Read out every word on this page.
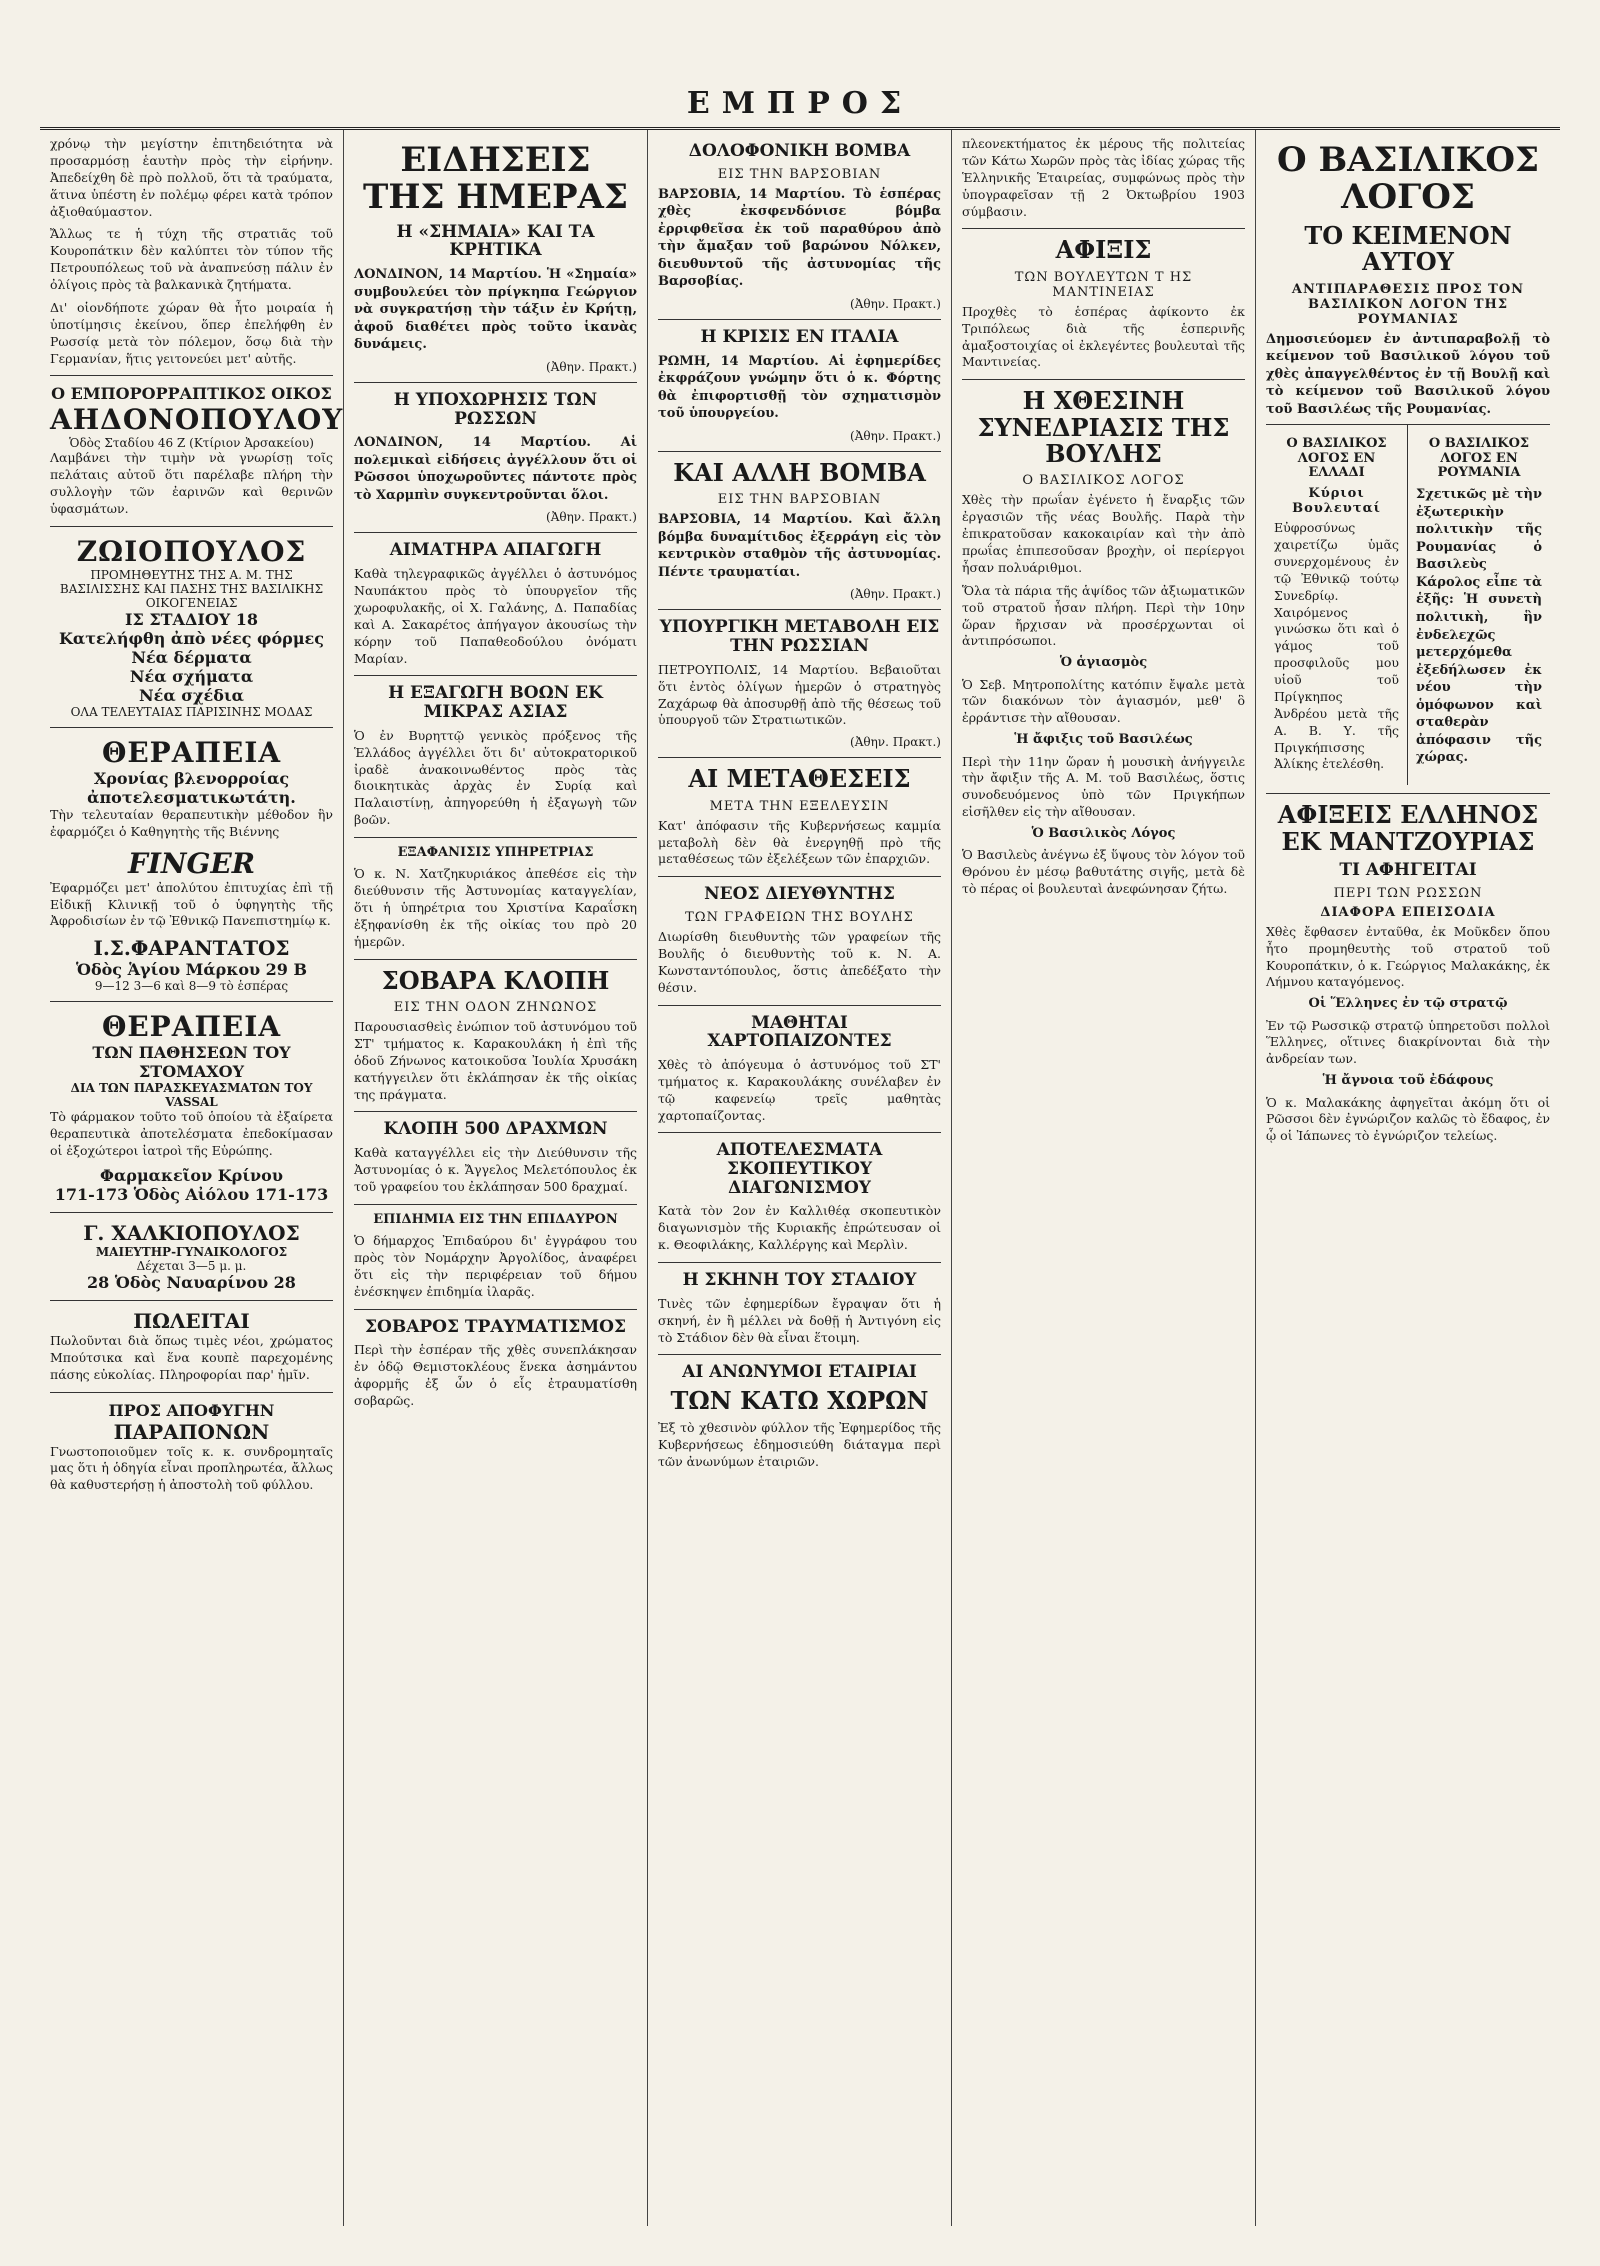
ΕΜΠΡΟΣ

χρόνῳ τὴν μεγίστην ἐπιτηδειότητα νὰ προσαρμόσῃ ἑαυτὴν πρὸς τὴν εἰρήνην. Ἀπεδείχθη δὲ πρὸ πολλοῦ, ὅτι τὰ τραύματα, ἅτινα ὑπέστη ἐν πολέμῳ φέρει κατὰ τρόπον ἀξιοθαύμαστον.

Ἄλλως τε ἡ τύχη τῆς στρατιᾶς τοῦ Κουροπάτκιν δὲν καλύπτει τὸν τύπον τῆς Πετρουπόλεως τοῦ νὰ ἀναπνεύσῃ πάλιν ἐν ὀλίγοις πρὸς τὰ βαλκανικὰ ζητήματα.

Δι' οἱονδήποτε χώραν θὰ ἦτο μοιραία ἡ ὑποτίμησις ἐκείνου, ὅπερ ἐπελήφθη ἐν Ρωσσίᾳ μετὰ τὸν πόλεμον, ὅσῳ διὰ τὴν Γερμανίαν, ἥτις γειτονεύει μετ' αὐτῆς.

Ο ΕΜΠΟΡΟΡΡΑΠΤΙΚΟΣ ΟΙΚΟΣ
ΑΗΔΟΝΟΠΟΥΛΟΥ
Ὁδὸς Σταδίου 46 Ζ (Κτίριον Ἀρσακείου)

Λαμβάνει τὴν τιμὴν νὰ γνωρίσῃ τοῖς πελάταις αὐτοῦ ὅτι παρέλαβε πλήρη τὴν συλλογὴν τῶν ἐαρινῶν καὶ θερινῶν ὑφασμάτων.

ΖΩΙΟΠΟΥΛΟΣ
ΠΡΟΜΗΘΕΥΤΗΣ ΤΗΣ Α. Μ. ΤΗΣ ΒΑΣΙΛΙΣΣΗΣ ΚΑΙ ΠΑΣΗΣ ΤΗΣ ΒΑΣΙΛΙΚΗΣ ΟΙΚΟΓΕΝΕΙΑΣ
ΙΣ ΣΤΑΔΙΟΥ 18
Κατελήφθη ἀπὸ νέες φόρμες
Νέα δέρματα
Νέα σχήματα
Νέα σχέδια
ΟΛΑ ΤΕΛΕΥΤΑΙΑΣ ΠΑΡΙΣΙΝΗΣ ΜΟΔΑΣ
ΘΕΡΑΠΕΙΑ
Χρονίας βλενορροίας ἀποτελεσματικωτάτη.

Τὴν τελευταίαν θεραπευτικὴν μέθοδον ἣν ἐφαρμόζει ὁ Καθηγητὴς τῆς Βιέννης

FINGER

Ἐφαρμόζει μετ' ἀπολύτου ἐπιτυχίας ἐπὶ τῇ Εἰδικῇ Κλινικῇ τοῦ ὁ ὑφηγητὴς τῆς Ἀφροδισίων ἐν τῷ Ἐθνικῷ Πανεπιστημίῳ κ.

Ι.Σ.ΦΑΡΑΝΤΑΤΟΣ
Ὁδὸς Ἁγίου Μάρκου 29 Β
9—12 3—6 καὶ 8—9 τὸ ἑσπέρας
ΘΕΡΑΠΕΙΑ
ΤΩΝ ΠΑΘΗΣΕΩΝ ΤΟΥ ΣΤΟΜΑΧΟΥ
ΔΙΑ ΤΩΝ ΠΑΡΑΣΚΕΥΑΣΜΑΤΩΝ ΤΟΥ VASSAL

Τὸ φάρμακον τοῦτο τοῦ ὁποίου τὰ ἐξαίρετα θεραπευτικὰ ἀποτελέσματα ἐπεδοκίμασαν οἱ ἐξοχώτεροι ἰατροὶ τῆς Εὐρώπης.

Φαρμακεῖον Κρίνου
171-173 Ὁδὸς Αἰόλου 171-173
Γ. ΧΑΛΚΙΟΠΟΥΛΟΣ
ΜΑΙΕΥΤΗΡ-ΓΥΝΑΙΚΟΛΟΓΟΣ
Δέχεται 3—5 μ. μ.
28 Ὁδὸς Ναυαρίνου 28
ΠΩΛΕΙΤΑΙ

Πωλοῦνται διὰ ὅπως τιμὲς νέοι, χρώματος Μπούτσικα καὶ ἕνα κουπὲ παρεχομένης πάσης εὐκολίας. Πληροφορίαι παρ' ἡμῖν.

ΠΡΟΣ ΑΠΟΦΥΓΗΝ
ΠΑΡΑΠΟΝΩΝ

Γνωστοποιοῦμεν τοῖς κ. κ. συνδρομηταῖς μας ὅτι ἡ ὁδηγία εἶναι προπληρωτέα, ἄλλως θὰ καθυστερήσῃ ἡ ἀποστολὴ τοῦ φύλλου.

ΕΙΔΗΣΕΙΣ ΤΗΣ ΗΜΕΡΑΣ
Η «ΣΗΜΑΙΑ» ΚΑΙ ΤΑ ΚΡΗΤΙΚΑ

ΛΟΝΔΙΝΟΝ, 14 Μαρτίου. Ἡ «Σημαία» συμβουλεύει τὸν πρίγκηπα Γεώργιον νὰ συγκρατήσῃ τὴν τάξιν ἐν Κρήτῃ, ἀφοῦ διαθέτει πρὸς τοῦτο ἱκανὰς δυνάμεις.

(Ἀθην. Πρακτ.)
Η ΥΠΟΧΩΡΗΣΙΣ ΤΩΝ ΡΩΣΣΩΝ

ΛΟΝΔΙΝΟΝ, 14 Μαρτίου. Αἱ πολεμικαὶ εἰδήσεις ἀγγέλλουν ὅτι οἱ Ρῶσσοι ὑποχωροῦντες πάντοτε πρὸς τὸ Χαρμπὶν συγκεντροῦνται ὅλοι.

(Ἀθην. Πρακτ.)
ΑΙΜΑΤΗΡΑ ΑΠΑΓΩΓΗ

Καθὰ τηλεγραφικῶς ἀγγέλλει ὁ ἀστυνόμος Ναυπάκτου πρὸς τὸ ὑπουργεῖον τῆς χωροφυλακῆς, οἱ Χ. Γαλάνης, Δ. Παπαδίας καὶ Α. Σακαρέτος ἀπήγαγον ἀκουσίως τὴν κόρην τοῦ Παπαθεοδούλου ὀνόματι Μαρίαν.

Η ΕΞΑΓΩΓΗ ΒΟΩΝ ΕΚ ΜΙΚΡΑΣ ΑΣΙΑΣ

Ὁ ἐν Βυρηττῷ γενικὸς πρόξενος τῆς Ἑλλάδος ἀγγέλλει ὅτι δι' αὐτοκρατορικοῦ ἰραδὲ ἀνακοινωθέντος πρὸς τὰς διοικητικὰς ἀρχὰς ἐν Συρίᾳ καὶ Παλαιστίνῃ, ἀπηγορεύθη ἡ ἐξαγωγὴ τῶν βοῶν.

ΕΞΑΦΑΝΙΣΙΣ ΥΠΗΡΕΤΡΙΑΣ

Ὁ κ. Ν. Χατζηκυριάκος ἀπεθέσε εἰς τὴν διεύθυνσιν τῆς Ἀστυνομίας καταγγελίαν, ὅτι ἡ ὑπηρέτρια του Χριστίνα Καραΐσκη ἐξηφανίσθη ἐκ τῆς οἰκίας του πρὸ 20 ἡμερῶν.

ΣΟΒΑΡΑ ΚΛΟΠΗ
ΕΙΣ ΤΗΝ ΟΔΟΝ ΖΗΝΩΝΟΣ

Παρουσιασθεὶς ἐνώπιον τοῦ ἀστυνόμου τοῦ ΣΤ' τμήματος κ. Καρακουλάκη ἡ ἐπὶ τῆς ὁδοῦ Ζήνωνος κατοικοῦσα Ἰουλία Χρυσάκη κατήγγειλεν ὅτι ἐκλάπησαν ἐκ τῆς οἰκίας της πράγματα.

ΚΛΟΠΗ 500 ΔΡΑΧΜΩΝ

Καθὰ καταγγέλλει εἰς τὴν Διεύθυνσιν τῆς Ἀστυνομίας ὁ κ. Ἄγγελος Μελετόπουλος ἐκ τοῦ γραφείου του ἐκλάπησαν 500 δραχμαί.

ΕΠΙΔΗΜΙΑ ΕΙΣ ΤΗΝ ΕΠΙΔΑΥΡΟΝ

Ὁ δήμαρχος Ἐπιδαύρου δι' ἐγγράφου του πρὸς τὸν Νομάρχην Ἀργολίδος, ἀναφέρει ὅτι εἰς τὴν περιφέρειαν τοῦ δήμου ἐνέσκηψεν ἐπιδημία ἰλαρᾶς.

ΣΟΒΑΡΟΣ ΤΡΑΥΜΑΤΙΣΜΟΣ

Περὶ τὴν ἑσπέραν τῆς χθὲς συνεπλάκησαν ἐν ὁδῷ Θεμιστοκλέους ἕνεκα ἀσημάντου ἀφορμῆς ἐξ ὧν ὁ εἷς ἐτραυματίσθη σοβαρῶς.

ΔΟΛΟΦΟΝΙΚΗ ΒΟΜΒΑ
ΕΙΣ ΤΗΝ ΒΑΡΣΟΒΙΑΝ

ΒΑΡΣΟΒΙΑ, 14 Μαρτίου. Τὸ ἑσπέρας χθὲς ἐκσφενδόνισε βόμβα ἐρριφθεῖσα ἐκ τοῦ παραθύρου ἀπὸ τὴν ἄμαξαν τοῦ βαρώνου Νόλκεν, διευθυντοῦ τῆς ἀστυνομίας τῆς Βαρσοβίας.

(Ἀθην. Πρακτ.)
Η ΚΡΙΣΙΣ ΕΝ ΙΤΑΛΙΑ

ΡΩΜΗ, 14 Μαρτίου. Αἱ ἐφημερίδες ἐκφράζουν γνώμην ὅτι ὁ κ. Φόρτης θὰ ἐπιφορτισθῇ τὸν σχηματισμὸν τοῦ ὑπουργείου.

(Ἀθην. Πρακτ.)
ΚΑΙ ΑΛΛΗ ΒΟΜΒΑ
ΕΙΣ ΤΗΝ ΒΑΡΣΟΒΙΑΝ

ΒΑΡΣΟΒΙΑ, 14 Μαρτίου. Καὶ ἄλλη βόμβα δυναμίτιδος ἐξερράγη εἰς τὸν κεντρικὸν σταθμὸν τῆς ἀστυνομίας. Πέντε τραυματίαι.

(Ἀθην. Πρακτ.)
ΥΠΟΥΡΓΙΚΗ ΜΕΤΑΒΟΛΗ ΕΙΣ ΤΗΝ ΡΩΣΣΙΑΝ

ΠΕΤΡΟΥΠΟΛΙΣ, 14 Μαρτίου. Βεβαιοῦται ὅτι ἐντὸς ὀλίγων ἡμερῶν ὁ στρατηγὸς Ζαχάρωφ θὰ ἀποσυρθῇ ἀπὸ τῆς θέσεως τοῦ ὑπουργοῦ τῶν Στρατιωτικῶν.

(Ἀθην. Πρακτ.)
ΑΙ ΜΕΤΑΘΕΣΕΙΣ
ΜΕΤΑ ΤΗΝ ΕΞΕΛΕΥΣΙΝ

Κατ' ἀπόφασιν τῆς Κυβερνήσεως καμμία μεταβολὴ δὲν θὰ ἐνεργηθῇ πρὸ τῆς μεταθέσεως τῶν ἐξελέξεων τῶν ἐπαρχιῶν.

ΝΕΟΣ ΔΙΕΥΘΥΝΤΗΣ
ΤΩΝ ΓΡΑΦΕΙΩΝ ΤΗΣ ΒΟΥΛΗΣ

Διωρίσθη διευθυντὴς τῶν γραφείων τῆς Βουλῆς ὁ διευθυντὴς τοῦ κ. Ν. Α. Κωνσταντόπουλος, ὅστις ἀπεδέξατο τὴν θέσιν.

ΜΑΘΗΤΑΙ ΧΑΡΤΟΠΑΙΖΟΝΤΕΣ

Χθὲς τὸ ἀπόγευμα ὁ ἀστυνόμος τοῦ ΣΤ' τμήματος κ. Καρακουλάκης συνέλαβεν ἐν τῷ καφενείῳ τρεῖς μαθητὰς χαρτοπαίζοντας.

ΑΠΟΤΕΛΕΣΜΑΤΑ ΣΚΟΠΕΥΤΙΚΟΥ ΔΙΑΓΩΝΙΣΜΟΥ

Κατὰ τὸν 2ον ἐν Καλλιθέᾳ σκοπευτικὸν διαγωνισμὸν τῆς Κυριακῆς ἐπρώτευσαν οἱ κ. Θεοφιλάκης, Καλλέργης καὶ Μερλὶν.

Η ΣΚΗΝΗ ΤΟΥ ΣΤΑΔΙΟΥ

Τινὲς τῶν ἐφημερίδων ἔγραψαν ὅτι ἡ σκηνή, ἐν ἢ μέλλει νὰ δοθῇ ἡ Ἀντιγόνη εἰς τὸ Στάδιον δὲν θὰ εἶναι ἕτοιμη.

ΑΙ ΑΝΩΝΥΜΟΙ ΕΤΑΙΡΙΑΙ
ΤΩΝ ΚΑΤΩ ΧΩΡΩΝ

Ἐξ τὸ χθεσινὸν φύλλον τῆς Ἐφημερίδος τῆς Κυβερνήσεως ἐδημοσιεύθη διάταγμα περὶ τῶν ἀνωνύμων ἑταιριῶν.

πλεονεκτήματος ἐκ μέρους τῆς πολιτείας τῶν Κάτω Χωρῶν πρὸς τὰς ἰδίας χώρας τῆς Ἑλληνικῆς Ἑταιρείας, συμφώνως πρὸς τὴν ὑπογραφεῖσαν τῇ 2 Ὀκτωβρίου 1903 σύμβασιν.

ΑΦΙΞΙΣ
ΤΩΝ ΒΟΥΛΕΥΤΩΝ Τ ΗΣ ΜΑΝΤΙΝΕΙΑΣ

Προχθὲς τὸ ἑσπέρας ἀφίκοντο ἐκ Τριπόλεως διὰ τῆς ἑσπερινῆς ἀμαξοστοιχίας οἱ ἐκλεγέντες βουλευταὶ τῆς Μαντινείας.

Η ΧΘΕΣΙΝΗ ΣΥΝΕΔΡΙΑΣΙΣ ΤΗΣ ΒΟΥΛΗΣ
Ο ΒΑΣΙΛΙΚΟΣ ΛΟΓΟΣ

Χθὲς τὴν πρωΐαν ἐγένετο ἡ ἔναρξις τῶν ἐργασιῶν τῆς νέας Βουλῆς. Παρὰ τὴν ἐπικρατοῦσαν κακοκαιρίαν καὶ τὴν ἀπὸ πρωΐας ἐπιπεσοῦσαν βροχὴν, οἱ περίεργοι ἦσαν πολυάριθμοι.

Ὅλα τὰ πάρια τῆς ἁψίδος τῶν ἀξιωματικῶν τοῦ στρατοῦ ἦσαν πλήρη. Περὶ τὴν 10ην ὥραν ἤρχισαν νὰ προσέρχωνται οἱ ἀντιπρόσωποι.

Ὁ ἁγιασμὸς

Ὁ Σεβ. Μητροπολίτης κατόπιν ἔψαλε μετὰ τῶν διακόνων τὸν ἁγιασμόν, μεθ' ὃ ἐρράντισε τὴν αἴθουσαν.

Ἡ ἄφιξις τοῦ Βασιλέως

Περὶ τὴν 11ην ὥραν ἡ μουσικὴ ἀνήγγειλε τὴν ἄφιξιν τῆς Α. Μ. τοῦ Βασιλέως, ὅστις συνοδευόμενος ὑπὸ τῶν Πριγκήπων εἰσῆλθεν εἰς τὴν αἴθουσαν.

Ὁ Βασιλικὸς Λόγος

Ὁ Βασιλεὺς ἀνέγνω ἐξ ὕψους τὸν λόγον τοῦ Θρόνου ἐν μέσῳ βαθυτάτης σιγῆς, μετὰ δὲ τὸ πέρας οἱ βουλευταὶ ἀνεφώνησαν ζήτω.

Ο ΒΑΣΙΛΙΚΟΣ ΛΟΓΟΣ
ΤΟ ΚΕΙΜΕΝΟΝ ΑΥΤΟΥ
ΑΝΤΙΠΑΡΑΘΕΣΙΣ ΠΡΟΣ ΤΟΝ ΒΑΣΙΛΙΚΟΝ ΛΟΓΟΝ ΤΗΣ ΡΟΥΜΑΝΙΑΣ

Δημοσιεύομεν ἐν ἀντιπαραβολῇ τὸ κείμενον τοῦ Βασιλικοῦ λόγου τοῦ χθὲς ἀπαγγελθέντος ἐν τῇ Βουλῇ καὶ τὸ κείμενον τοῦ Βασιλικοῦ λόγου τοῦ Βασιλέως τῆς Ρουμανίας.

Ο ΒΑΣΙΛΙΚΟΣ ΛΟΓΟΣ ΕΝ ΕΛΛΑΔΙ
Κύριοι Βουλευταί

Εὐφροσύνως χαιρετίζω ὑμᾶς συνερχομένους ἐν τῷ Ἐθνικῷ τούτῳ Συνεδρίῳ. Χαιρόμενος γινώσκω ὅτι καὶ ὁ γάμος τοῦ προσφιλοῦς μου υἱοῦ τοῦ Πρίγκηπος Ἀνδρέου μετὰ τῆς Α. Β. Υ. τῆς Πριγκήπισσης Ἀλίκης ἐτελέσθη.

Ο ΒΑΣΙΛΙΚΟΣ ΛΟΓΟΣ ΕΝ ΡΟΥΜΑΝΙΑ

Σχετικῶς μὲ τὴν ἐξωτερικὴν πολιτικὴν τῆς Ρουμανίας ὁ Βασιλεὺς Κάρολος εἶπε τὰ ἑξῆς: Ἡ συνετὴ πολιτικὴ, ἣν ἐνδελεχῶς μετερχόμεθα ἐξεδήλωσεν ἐκ νέου τὴν ὁμόφωνον καὶ σταθερὰν ἀπόφασιν τῆς χώρας.

ΑΦΙΞΕΙΣ ΕΛΛΗΝΟΣ ΕΚ ΜΑΝΤΖΟΥΡΙΑΣ
ΤΙ ΑΦΗΓΕΙΤΑΙ
ΠΕΡΙ ΤΩΝ ΡΩΣΣΩΝ
ΔΙΑΦΟΡΑ ΕΠΕΙΣΟΔΙΑ

Χθὲς ἔφθασεν ἐνταῦθα, ἐκ Μοῦκδεν ὅπου ἦτο προμηθευτὴς τοῦ στρατοῦ τοῦ Κουροπάτκιν, ὁ κ. Γεώργιος Μαλακάκης, ἐκ Λήμνου καταγόμενος.

Οἱ Ἕλληνες ἐν τῷ στρατῷ

Ἐν τῷ Ρωσσικῷ στρατῷ ὑπηρετοῦσι πολλοὶ Ἕλληνες, οἵτινες διακρίνονται διὰ τὴν ἀνδρείαν των.

Ἡ ἄγνοια τοῦ ἐδάφους

Ὁ κ. Μαλακάκης ἀφηγεῖται ἀκόμη ὅτι οἱ Ρῶσσοι δὲν ἐγνώριζον καλῶς τὸ ἔδαφος, ἐν ᾧ οἱ Ἰάπωνες τὸ ἐγνώριζον τελείως.
